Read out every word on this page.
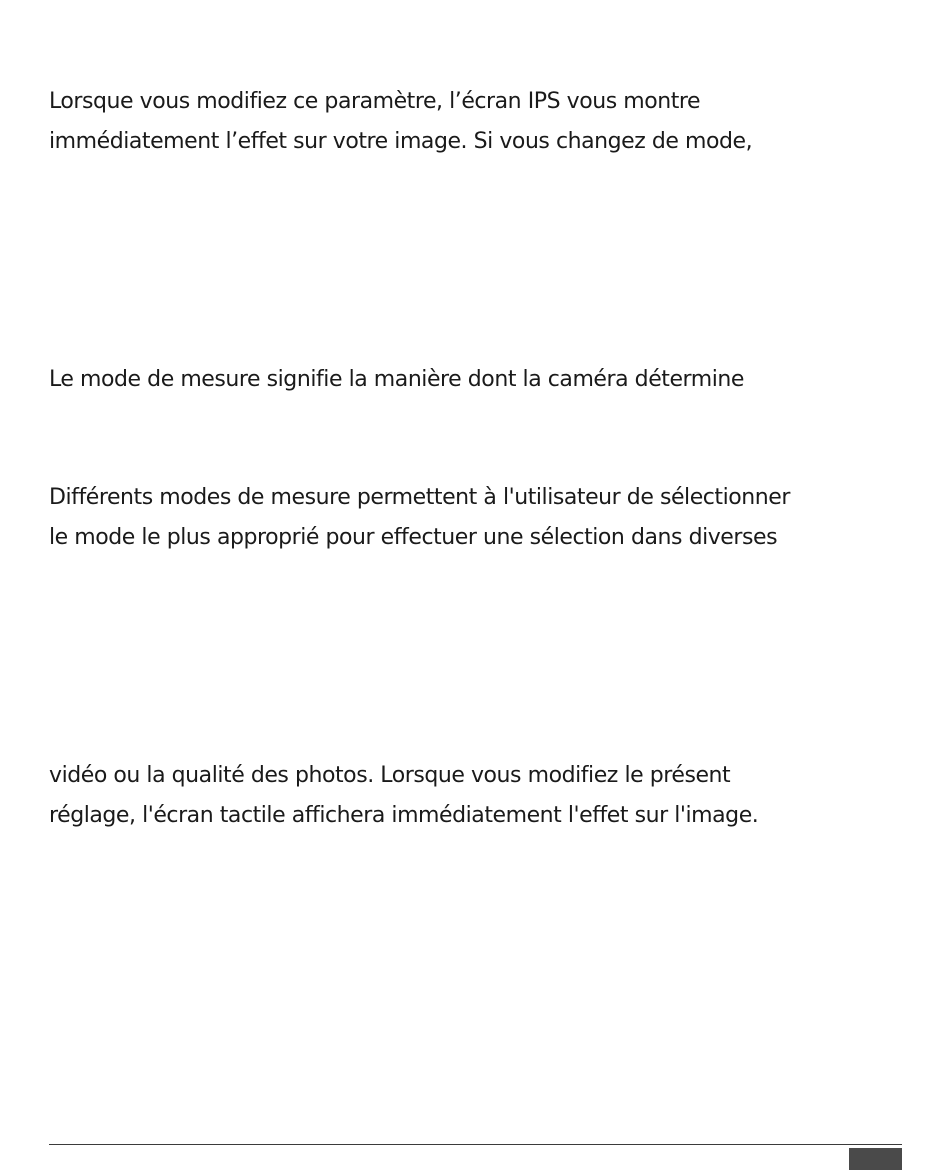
Lorsque vous modifiez ce paramètre, l’écran IPS vous montre

immédiatement l’effet sur votre image. Si vous changez de mode,

Le mode de mesure signifie la manière dont la caméra détermine

Différents modes de mesure permettent à l'utilisateur de sélectionner

le mode le plus approprié pour effectuer une sélection dans diverses

vidéo ou la qualité des photos. Lorsque vous modifiez le présent

réglage, l'écran tactile affichera immédiatement l'effet sur l'image.
